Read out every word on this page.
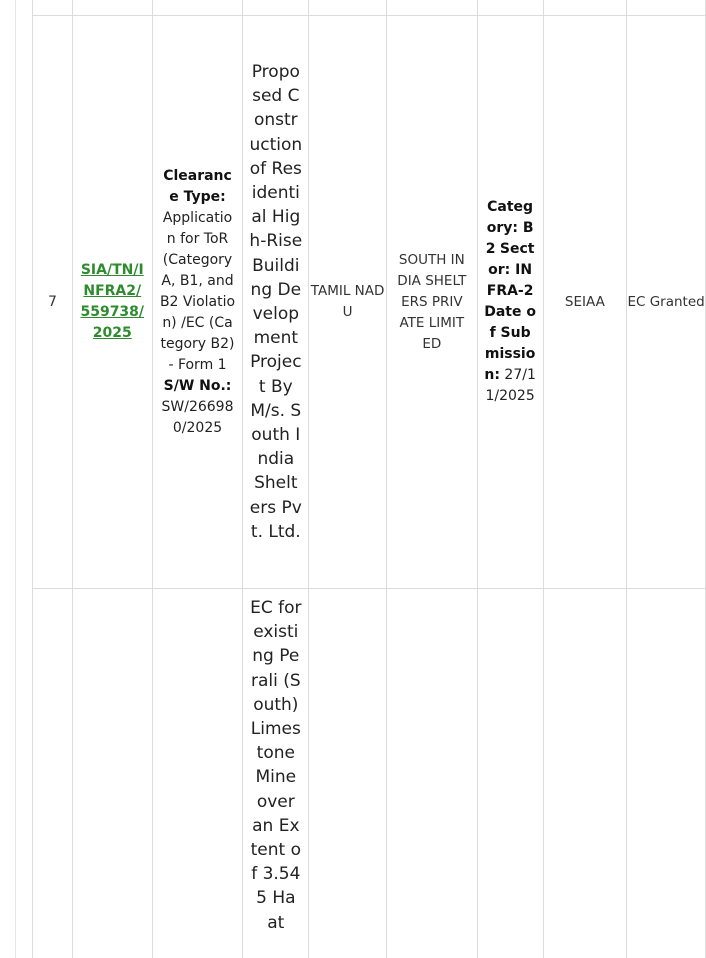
7	SIA/TN/INFRA2/559738/2025	Clearance Type:
Application for ToR (Category A, B1, and B2 Violation) /EC (Category B2) - Form 1
S/W No.:
SW/266980/2025	Proposed Construction of Residential High-Rise Building Development Project By M/s. South India Shelters Pvt. Ltd.	TAMIL NADU	SOUTH INDIA SHELTERS PRIVATE LIMITED	Category: B2 Sector: INFRA-2 Date of Submission: 27/11/2025	SEIAA	EC Granted
			EC for existing Perali (South) Limestone Mine over an Extent of 3.545 Ha at					
